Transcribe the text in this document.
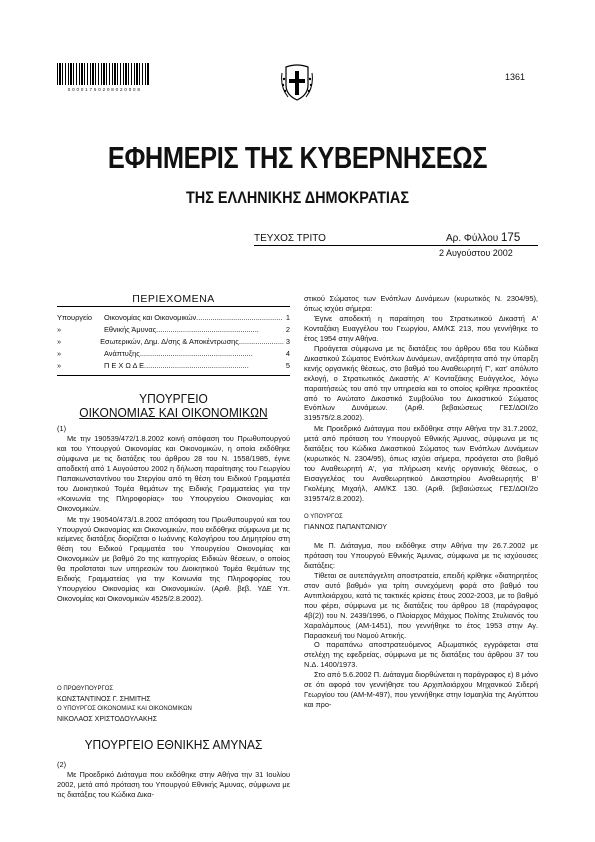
0 0 0 0 1 7 5 0 2 0 8 0 2 0 0 0 8
1361
ΕΦΗΜΕΡΙΣ ΤΗΣ ΚΥΒΕΡΝΗΣΕΩΣ
ΤΗΣ ΕΛΛΗΝΙΚΗΣ ΔΗΜΟΚΡΑΤΙΑΣ
ΤΕΥΧΟΣ ΤΡΙΤΟ	Αρ. Φύλλου 175
2 Αυγούστου 2002
ΠΕΡΙΕΧΟΜΕΝΑ
Υπουργείο	Οικονομίας και Οικονομικών .......................................... 1
»	Εθνικής Άμυνας ..................................................	2
»	Εσωτερικών, Δημ. Δ/σης & Αποκέντρωσης ...................... 3
»	Ανάπτυξης .......................................................	4
»	Π Ε Χ Ω Δ Ε. ..................................................	5
ΥΠΟΥΡΓΕΙΟ
ΟΙΚΟΝΟΜΙΑΣ ΚΑΙ ΟΙΚΟΝΟΜΙΚΩΝ

(1)

Με την 190539/472/1.8.2002 κοινή απόφαση του Πρωθυπουργού και του Υπουργού Οικονομίας και Οικονομικών, η οποία εκδόθηκε σύμφωνα με τις διατάξεις του άρθρου 28 του Ν. 1558/1985, έγινε αποδεκτή από 1 Αυγούστου 2002 η δήλωση παραίτησης του Γεωργίου Παπακωνσταντίνου του Στεργίου από τη θέση του Ειδικού Γραμματέα του Διοικητικού Τομέα θεμάτων της Ειδικής Γραμματείας για την «Κοινωνία της Πληροφορίας» του Υπουργείου Οικονομίας και Οικονομικών.

Με την 190540/473/1.8.2002 απόφαση του Πρωθυπουργού και του Υπουργού Οικονομίας και Οικονομικών, που εκδόθηκε σύμφωνα με τις κείμενες διατάξεις διορίζεται ο Ιωάννης Καλογήρου του Δημητρίου στη θέση του Ειδικού Γραμματέα του Υπουργείου Οικονομίας και Οικονομικών με βαθμό 2ο της κατηγορίας Ειδικών θέσεων, ο οποίος θα προΐσταται των υπηρεσιών του Διοικητικού Τομέα θεμάτων της Ειδικής Γραμματείας για την Κοινωνία της Πληροφορίας του Υπουργείου Οικονομίας και Οικονομικών. (Αριθ. βεβ. ΥΔΕ Υπ. Οικονομίας και Οικονομικών 4525/2.8.2002).

Ο ΠΡΩΘΥΠΟΥΡΓΟΣ

ΚΩΝΣΤΑΝΤΙΝΟΣ Γ. ΣΗΜΙΤΗΣ

Ο ΥΠΟΥΡΓΟΣ ΟΙΚΟΝΟΜΙΑΣ ΚΑΙ ΟΙΚΟΝΟΜΙΚΩΝ

ΝΙΚΟΛΑΟΣ ΧΡΙΣΤΟΔΟΥΛΑΚΗΣ

ΥΠΟΥΡΓΕΙΟ ΕΘΝΙΚΗΣ ΑΜΥΝΑΣ

(2)

Με Προεδρικό Διάταγμα που εκδόθηκε στην Αθήνα την 31 Ιουλίου 2002, μετά από πρόταση του Υπουργού Εθνικής Άμυνας, σύμφωνα με τις διατάξεις του Κώδικα Δικα-

στικού Σώματος των Ενόπλων Δυνάμεων (κυρωτικός Ν. 2304/95), όπως ισχύει σήμερα:

Έγινε αποδεκτή η παραίτηση του Στρατιωτικού Δικαστή Α' Κονταξάκη Ευαγγέλου του Γεωργίου, ΑΜ/ΚΣ 213, που γεννήθηκε το έτος 1954 στην Αθήνα.

Προάγεται σύμφωνα με τις διατάξεις του άρθρου 65α του Κώδικα Δικαστικού Σώματος Ενόπλων Δυνάμεων, ανεξάρτητα από την ύπαρξη κενής οργανικής θέσεως, στο βαθμό του Αναθεωρητή Γ', κατ' απόλυτο εκλογή, ο Στρατιωτικός Δικαστής Α' Κονταξάκης Ευάγγελος, λόγω παραιτήσεώς του από την υπηρεσία και το οποίος κρίθηκε προακτέος από το Ανώτατο Δικαστικό Συμβούλιο του Δικαστικού Σώματος Ενόπλων Δυνάμεων. (Αριθ. βεβαιώσεως ΓΕΣ/ΔΟΙ/2ο 319575/2.8.2002).

Με Προεδρικό Διάταγμα που εκδόθηκε στην Αθήνα την 31.7.2002, μετά από πρόταση του Υπουργού Εθνικής Άμυνας, σύμφωνα με τις διατάξεις του Κώδικα Δικαστικού Σώματος των Ενόπλων Δυνάμεων (κυρωτικός Ν. 2304/95), όπως ισχύει σήμερα, προάγεται στο βαθμό του Αναθεωρητή Α', για πλήρωση κενής οργανικής θέσεως, ο Εισαγγελέας του Αναθεωρητικού Δικαστηρίου Αναθεωρητής Β' Γκολέμης Μιχαήλ, ΑΜ/ΚΣ 130. (Αριθ. βεβαιώσεως ΓΕΣ/ΔΟΙ/2ο 319574/2.8.2002).

Ο ΥΠΟΥΡΓΟΣ

ΓΙΑΝΝΟΣ ΠΑΠΑΝΤΩΝΙΟΥ

Με Π. Διάταγμα, που εκδόθηκε στην Αθήνα την 26.7.2002 με πρόταση του Υπουργού Εθνικής Άμυνας, σύμφωνα με τις ισχύουσες διατάξεις:

Τίθεται σε αυτεπάγγελτη αποστρατεία, επειδή κρίθηκε «διατηρητέος στον αυτό βαθμό» για τρίτη συνεχόμενη φορά στο βαθμό του Αντιπλοιάρχου, κατά τις τακτικές κρίσεις έτους 2002-2003, με το βαθμό που φέρει, σύμφωνα με τις διατάξεις του άρθρου 18 (παράγραφος 4β(2)) του Ν. 2439/1996, ο Πλοίαρχος Μάχιμος Πολίτης Στυλιανός του Χαραλάμπους (ΑΜ-1451), που γεννήθηκε το έτος 1953 στην Αγ. Παρασκευή του Νομού Αττικής.

Ο παραπάνω αποστρατευόμενος Αξιωματικός εγγράφεται στα στελέχη της εφεδρείας, σύμφωνα με τις διατάξεις του άρθρου 37 του Ν.Δ. 1400/1973.

Στο από 5.6.2002 Π. Διάταγμα διορθώνεται η παράγραφος ε) 8 μόνο σε ότι αφορά τον γεννήθησε του Αρχιπλοιάρχου Μηχανικού Σιδερή Γεωργίου του (ΑΜ-Μ-497), που γεννήθηκε στην Ισμαηλία της Αιγύπτου και προ-
